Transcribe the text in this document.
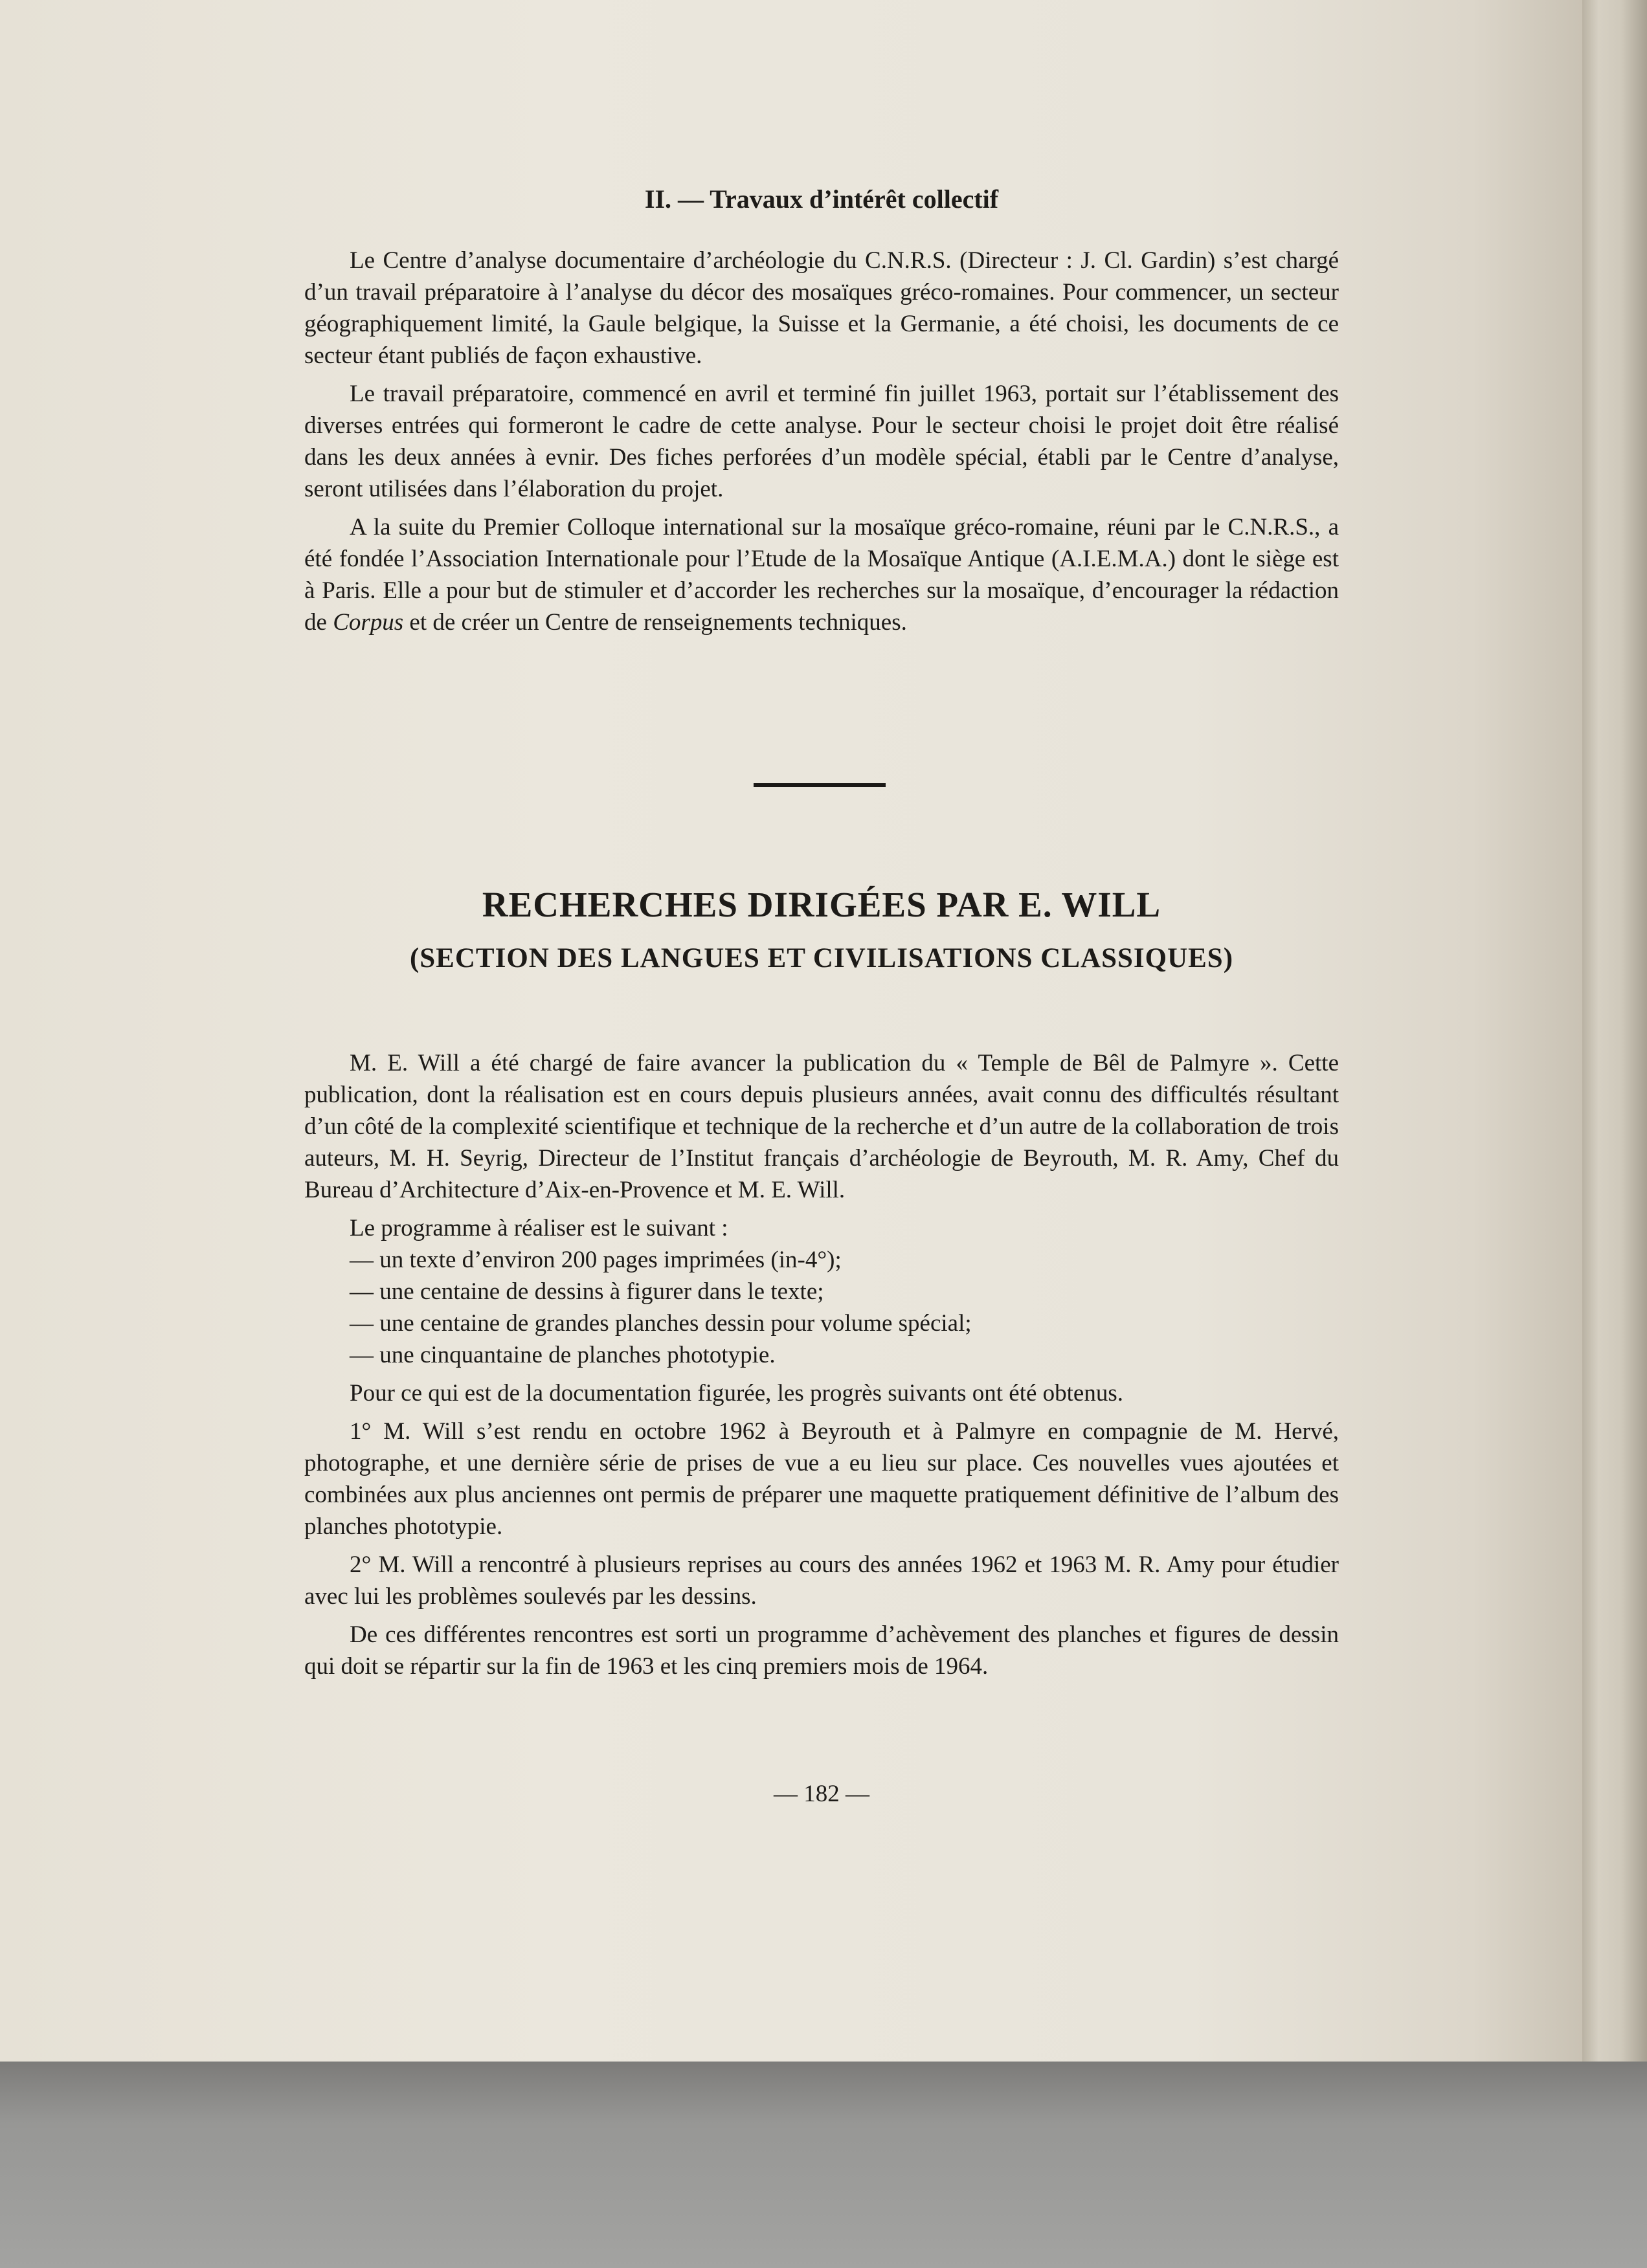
II. — Travaux d’intérêt collectif

Le Centre d’analyse documentaire d’archéologie du C.N.R.S. (Directeur : J. Cl. Gardin) s’est chargé d’un travail préparatoire à l’analyse du décor des mosaïques gréco-romaines. Pour commencer, un secteur géographiquement limité, la Gaule belgique, la Suisse et la Germanie, a été choisi, les documents de ce secteur étant publiés de façon exhaustive.

Le travail préparatoire, commencé en avril et terminé fin juillet 1963, portait sur l’établissement des diverses entrées qui formeront le cadre de cette analyse. Pour le secteur choisi le projet doit être réalisé dans les deux années à evnir. Des fiches perforées d’un modèle spécial, établi par le Centre d’analyse, seront utilisées dans l’élaboration du projet.

A la suite du Premier Colloque international sur la mosaïque gréco-romaine, réuni par le C.N.R.S., a été fondée l’Association Internationale pour l’Etude de la Mosaïque Antique (A.I.E.M.A.) dont le siège est à Paris. Elle a pour but de stimuler et d’accorder les recherches sur la mosaïque, d’encourager la rédaction de Corpus et de créer un Centre de renseignements techniques.

RECHERCHES DIRIGÉES PAR E. WILL
(SECTION DES LANGUES ET CIVILISATIONS CLASSIQUES)

M. E. Will a été chargé de faire avancer la publication du « Temple de Bêl de Palmyre ». Cette publication, dont la réalisation est en cours depuis plusieurs années, avait connu des difficultés résultant d’un côté de la complexité scientifique et technique de la recherche et d’un autre de la collaboration de trois auteurs, M. H. Seyrig, Directeur de l’Institut français d’archéologie de Beyrouth, M. R. Amy, Chef du Bureau d’Architecture d’Aix-en-Provence et M. E. Will.

Le programme à réaliser est le suivant :

— un texte d’environ 200 pages imprimées (in-4°);

— une centaine de dessins à figurer dans le texte;

— une centaine de grandes planches dessin pour volume spécial;

— une cinquantaine de planches phototypie.

Pour ce qui est de la documentation figurée, les progrès suivants ont été obtenus.

1° M. Will s’est rendu en octobre 1962 à Beyrouth et à Palmyre en compagnie de M. Hervé, photographe, et une dernière série de prises de vue a eu lieu sur place. Ces nouvelles vues ajoutées et combinées aux plus anciennes ont permis de préparer une maquette pratiquement définitive de l’album des planches phototypie.

2° M. Will a rencontré à plusieurs reprises au cours des années 1962 et 1963 M. R. Amy pour étudier avec lui les problèmes soulevés par les dessins.

De ces différentes rencontres est sorti un programme d’achèvement des planches et figures de dessin qui doit se répartir sur la fin de 1963 et les cinq premiers mois de 1964.

— 182 —
